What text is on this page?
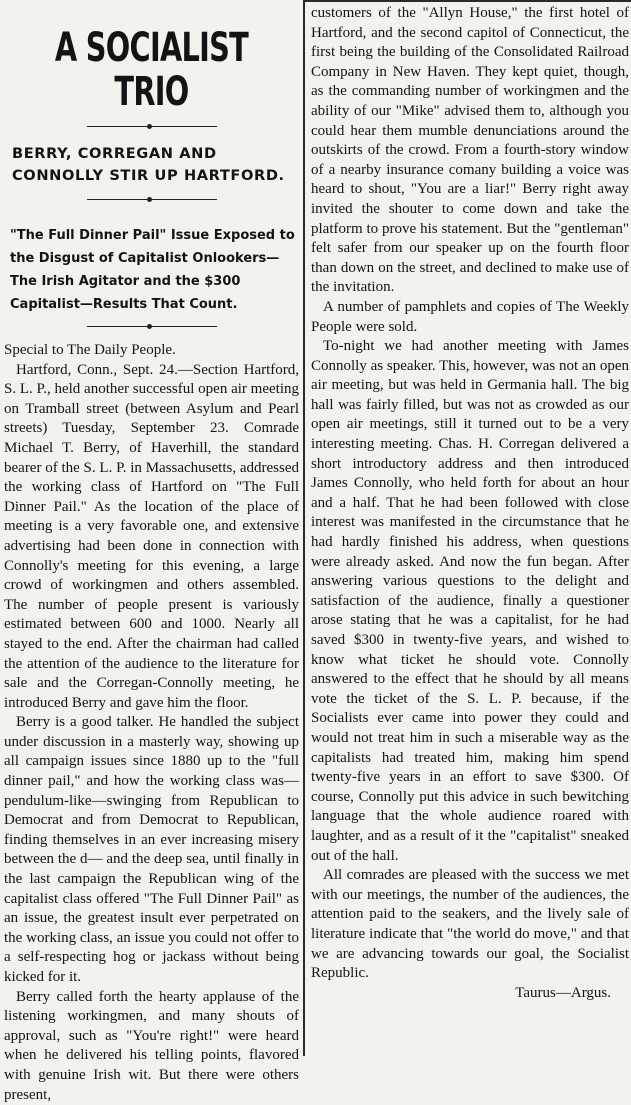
A SOCIALIST TRIO
BERRY, CORREGAN AND CONNOLLY STIR UP HARTFORD.
"The Full Dinner Pail" Issue Exposed to the Disgust of Capitalist Onlookers—The Irish Agitator and the $300 Capitalist—Results That Count.

Special to The Daily People.

Hartford, Conn., Sept. 24.—Section Hartford, S. L. P., held another successful open air meeting on Tramball street (between Asylum and Pearl streets) Tuesday, September 23. Comrade Michael T. Berry, of Haverhill, the standard bearer of the S. L. P. in Massachusetts, addressed the working class of Hartford on "The Full Dinner Pail." As the location of the place of meeting is a very favorable one, and extensive advertising had been done in connection with Connolly's meeting for this evening, a large crowd of workingmen and others assembled. The number of people present is variously estimated between 600 and 1000. Nearly all stayed to the end. After the chairman had called the attention of the audience to the literature for sale and the Corregan-Connolly meeting, he introduced Berry and gave him the floor.

Berry is a good talker. He handled the subject under discussion in a masterly way, showing up all campaign issues since 1880 up to the "full dinner pail," and how the working class was—pendulum-like—swinging from Republican to Democrat and from Democrat to Republican, finding themselves in an ever increasing misery between the d— and the deep sea, until finally in the last campaign the Republican wing of the capitalist class offered "The Full Dinner Pail" as an issue, the greatest insult ever perpetrated on the working class, an issue you could not offer to a self-respecting hog or jackass without being kicked for it.

Berry called forth the hearty applause of the listening workingmen, and many shouts of approval, such as "You're right!" were heard when he delivered his telling points, flavored with genuine Irish wit. But there were others present,

customers of the "Allyn House," the first hotel of Hartford, and the second capitol of Connecticut, the first being the building of the Consolidated Railroad Company in New Haven. They kept quiet, though, as the commanding number of workingmen and the ability of our "Mike" advised them to, although you could hear them mumble denunciations around the outskirts of the crowd. From a fourth-story window of a nearby insurance comany building a voice was heard to shout, "You are a liar!" Berry right away invited the shouter to come down and take the platform to prove his statement. But the "gentleman" felt safer from our speaker up on the fourth floor than down on the street, and declined to make use of the invitation.

A number of pamphlets and copies of The Weekly People were sold.

To-night we had another meeting with James Connolly as speaker. This, however, was not an open air meeting, but was held in Germania hall. The big hall was fairly filled, but was not as crowded as our open air meetings, still it turned out to be a very interesting meeting. Chas. H. Corregan delivered a short introductory address and then introduced James Connolly, who held forth for about an hour and a half. That he had been followed with close interest was manifested in the circumstance that he had hardly finished his address, when questions were already asked. And now the fun began. After answering various questions to the delight and satisfaction of the audience, finally a questioner arose stating that he was a capitalist, for he had saved $300 in twenty-five years, and wished to know what ticket he should vote. Connolly answered to the effect that he should by all means vote the ticket of the S. L. P. because, if the Socialists ever came into power they could and would not treat him in such a miserable way as the capitalists had treated him, making him spend twenty-five years in an effort to save $300. Of course, Connolly put this advice in such bewitching language that the whole audience roared with laughter, and as a result of it the "capitalist" sneaked out of the hall.

All comrades are pleased with the success we met with our meetings, the number of the audiences, the attention paid to the seakers, and the lively sale of literature indicate that "the world do move," and that we are advancing towards our goal, the Socialist Republic.

Taurus—Argus.
